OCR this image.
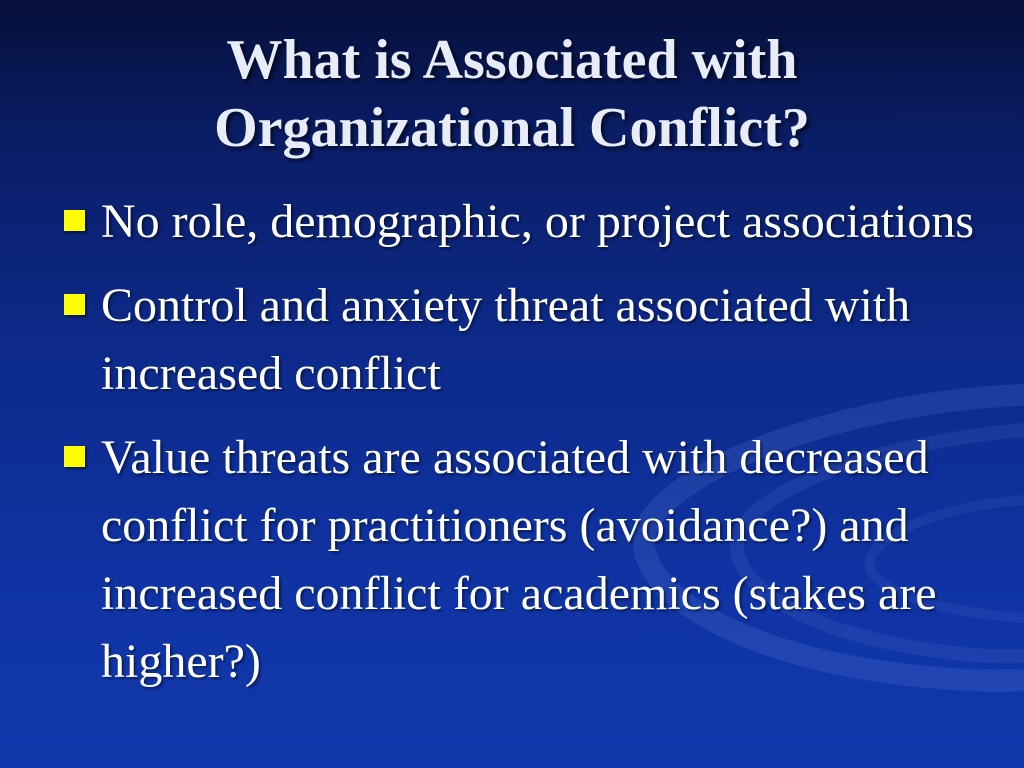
What is Associated with
Organizational Conflict?
No role, demographic, or project associations
Control and anxiety threat associated with increased conflict
Value threats are associated with decreased conflict for practitioners (avoidance?) and increased conflict for academics (stakes are higher?)
